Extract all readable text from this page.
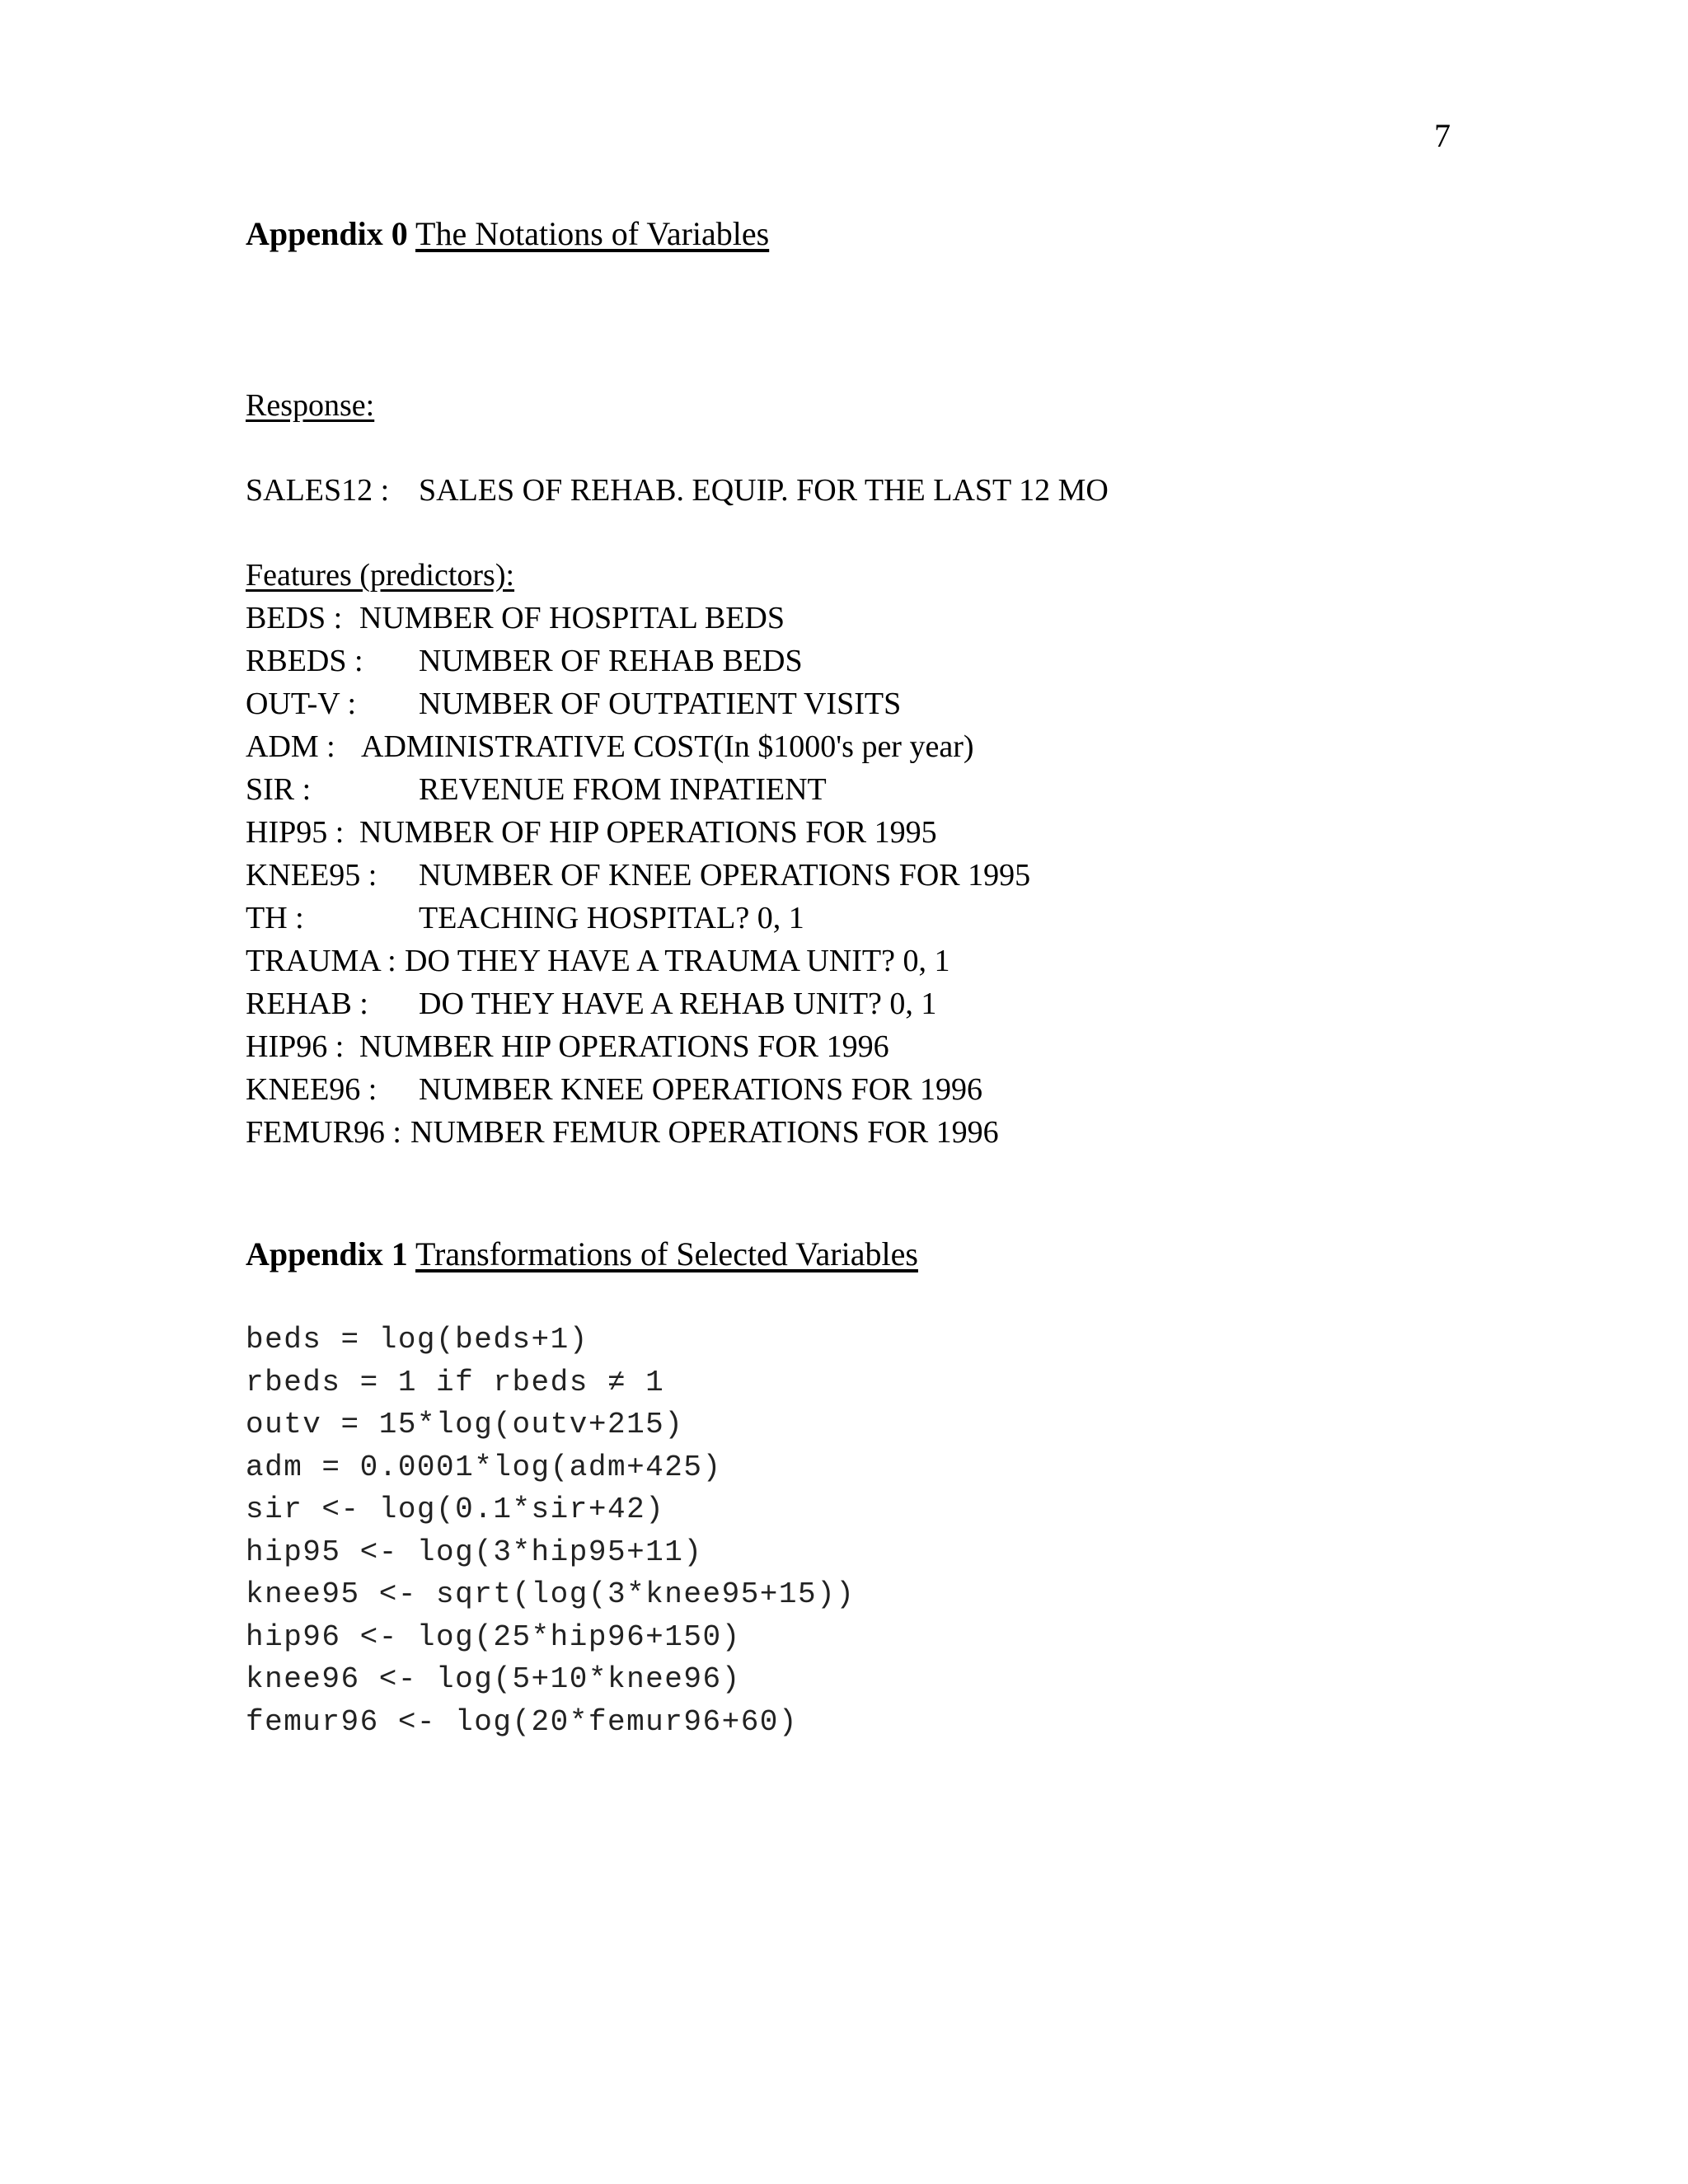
7
Appendix 0 The Notations of Variables
Response:
SALES12 : SALES OF REHAB. EQUIP. FOR THE LAST 12 MO
Features (predictors):
BEDS : NUMBER OF HOSPITAL BEDS
RBEDS : NUMBER OF REHAB BEDS
OUT-V : NUMBER OF OUTPATIENT VISITS
ADM : ADMINISTRATIVE COST(In $1000's per year)
SIR :	REVENUE FROM INPATIENT
HIP95 : NUMBER OF HIP OPERATIONS FOR 1995
KNEE95 : NUMBER OF KNEE OPERATIONS FOR 1995
TH :	TEACHING HOSPITAL? 0, 1
TRAUMA : DO THEY HAVE A TRAUMA UNIT? 0, 1
REHAB : DO THEY HAVE A REHAB UNIT? 0, 1
HIP96 : NUMBER HIP OPERATIONS FOR 1996
KNEE96 : NUMBER KNEE OPERATIONS FOR 1996
FEMUR96 : NUMBER FEMUR OPERATIONS FOR 1996
Appendix 1 Transformations of Selected Variables
beds = log(beds+1)
rbeds = 1 if rbeds ≠ 1
outv = 15*log(outv+215)
adm = 0.0001*log(adm+425)
sir <- log(0.1*sir+42)
hip95 <- log(3*hip95+11)
knee95 <- sqrt(log(3*knee95+15))
hip96 <- log(25*hip96+150)
knee96 <- log(5+10*knee96)
femur96 <- log(20*femur96+60)
